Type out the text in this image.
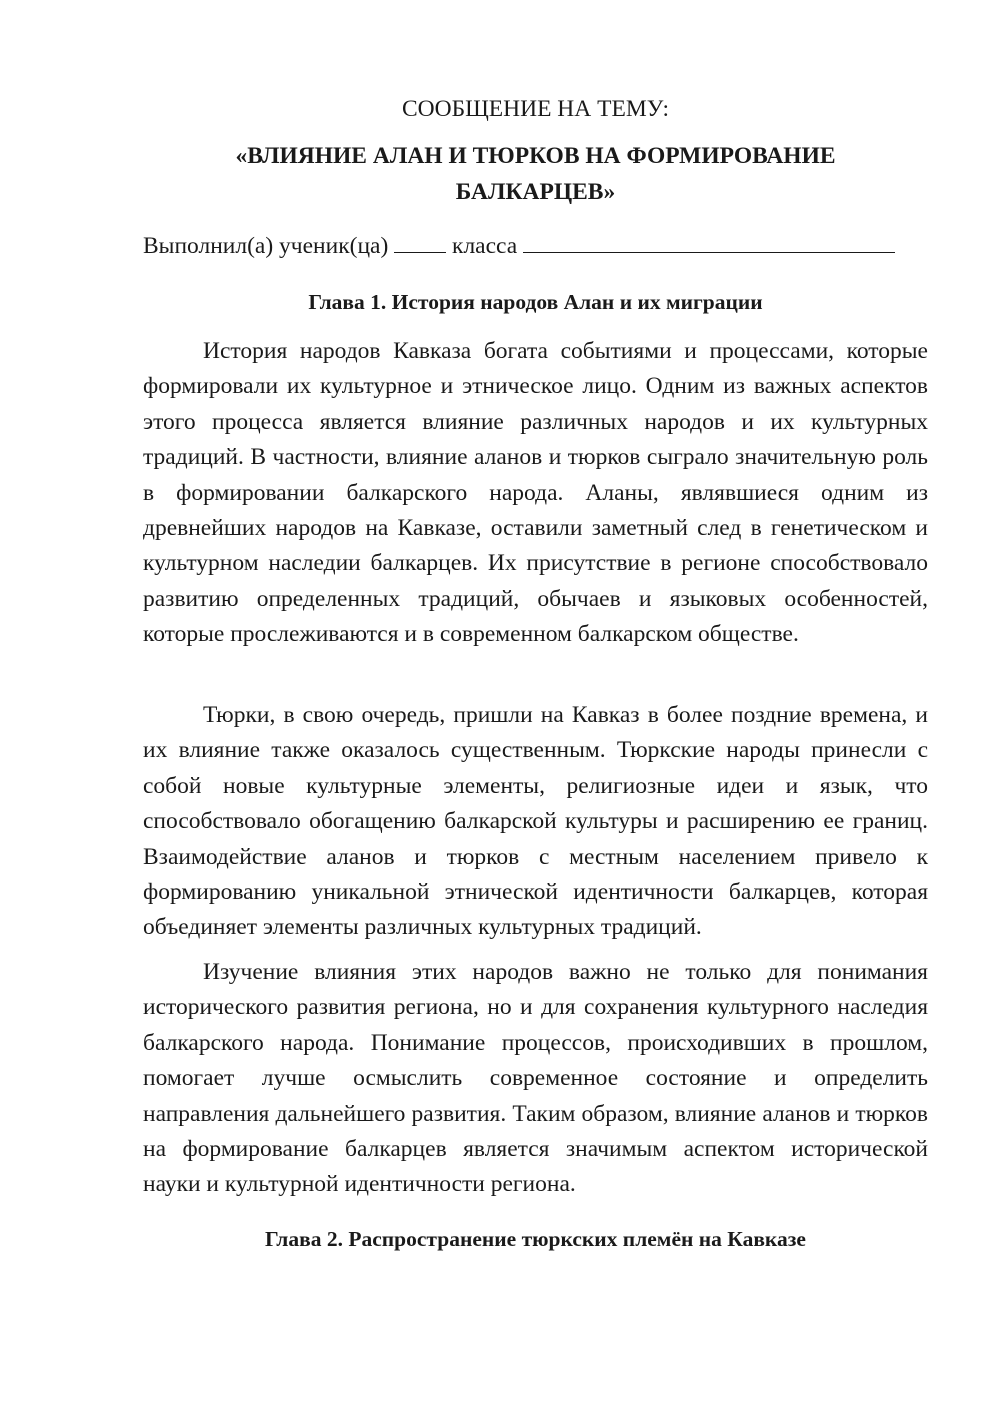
СООБЩЕНИЕ НА ТЕМУ:

«ВЛИЯНИЕ АЛАН И ТЮРКОВ НА ФОРМИРОВАНИЕ

БАЛКАРЦЕВ»

Выполнил(а) ученик(ца)	класса
Глава 1. История народов Алан и их миграции

История народов Кавказа богата событиями и процессами, которые формировали их культурное и этническое лицо. Одним из важных аспектов этого процесса является влияние различных народов и их культурных традиций. В частности, влияние аланов и тюрков сыграло значительную роль в формировании балкарского народа. Аланы, являвшиеся одним из древнейших народов на Кавказе, оставили заметный след в генетическом и культурном наследии балкарцев. Их присутствие в регионе способствовало развитию определенных традиций, обычаев и языковых особенностей, которые прослеживаются и в современном балкарском обществе.

Тюрки, в свою очередь, пришли на Кавказ в более поздние времена, и их влияние также оказалось существенным. Тюркские народы принесли с собой новые культурные элементы, религиозные идеи и язык, что способствовало обогащению балкарской культуры и расширению ее границ. Взаимодействие аланов и тюрков с местным населением привело к формированию уникальной этнической идентичности балкарцев, которая объединяет элементы различных культурных традиций.

Изучение влияния этих народов важно не только для понимания исторического развития региона, но и для сохранения культурного наследия балкарского народа. Понимание процессов, происходивших в прошлом, помогает лучше осмыслить современное состояние и определить направления дальнейшего развития. Таким образом, влияние аланов и тюрков на формирование балкарцев является значимым аспектом исторической науки и культурной идентичности региона.

Глава 2. Распространение тюркских племён на Кавказе
